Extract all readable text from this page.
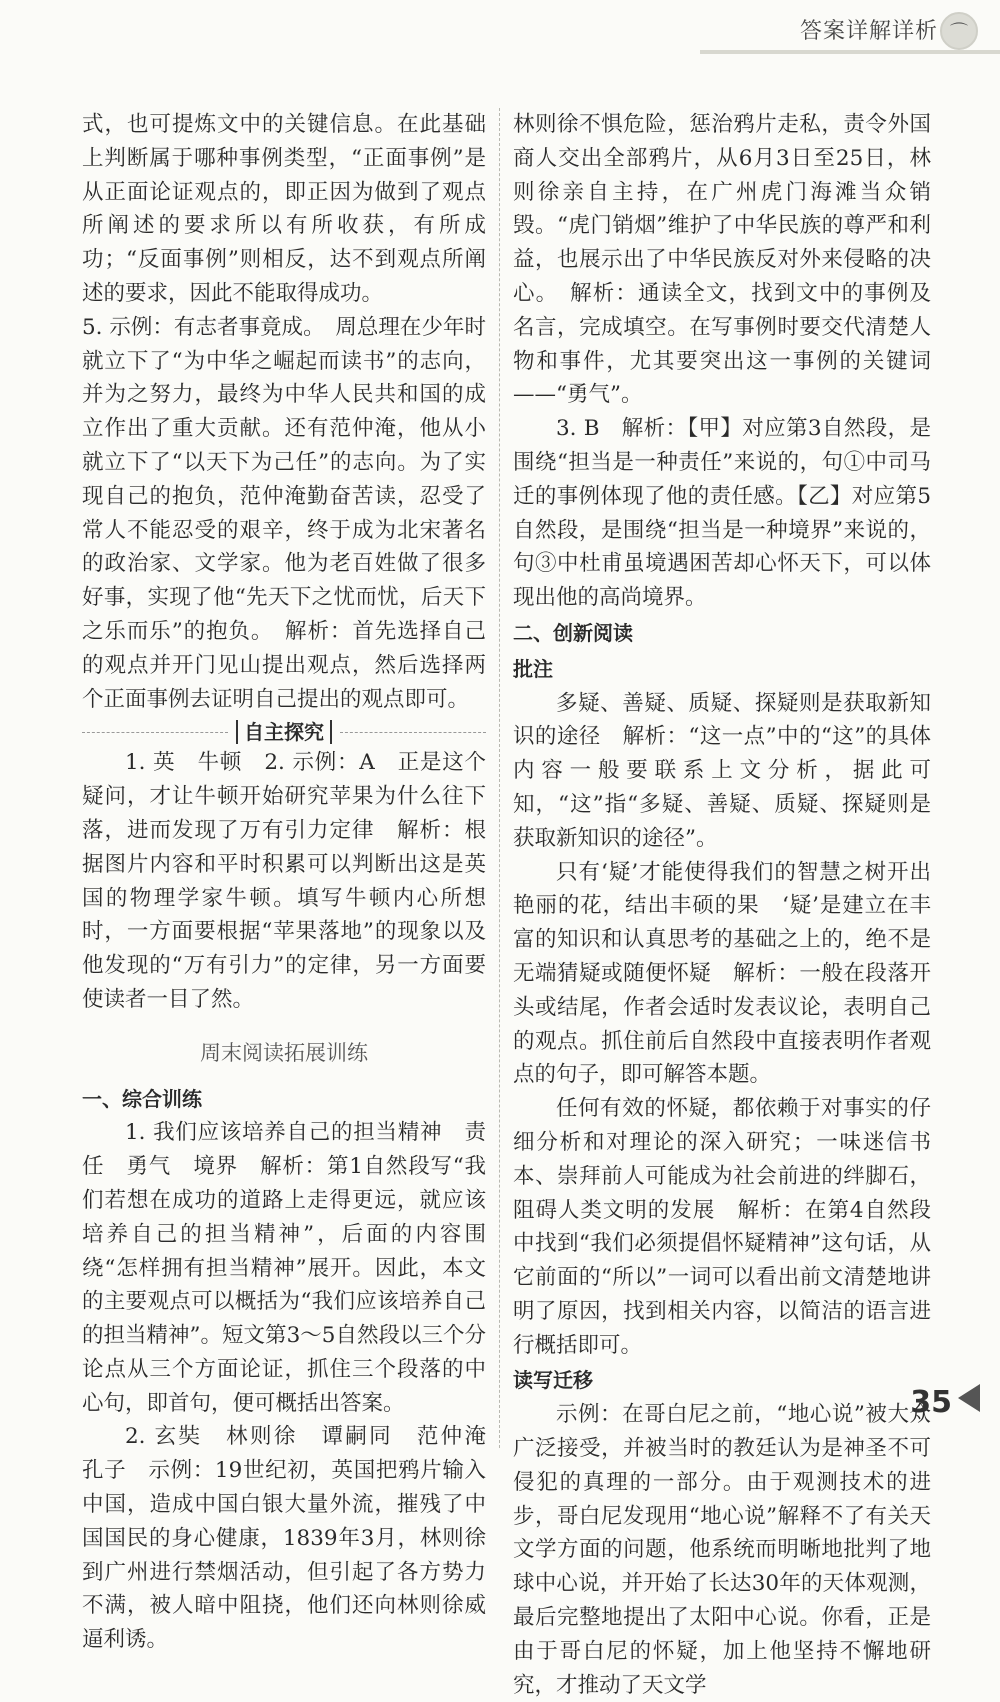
答案详解详析 ⌒

式，也可提炼文中的关键信息。在此基础上判断属于哪种事例类型，“正面事例”是从正面论证观点的，即正因为做到了观点所阐述的要求所以有所收获，有所成功；“反面事例”则相反，达不到观点所阐述的要求，因此不能取得成功。

5. 示例：有志者事竟成。　周总理在少年时就立下了“为中华之崛起而读书”的志向，并为之努力，最终为中华人民共和国的成立作出了重大贡献。还有范仲淹，他从小就立下了“以天下为己任”的志向。为了实现自己的抱负，范仲淹勤奋苦读，忍受了常人不能忍受的艰辛，终于成为北宋著名的政治家、文学家。他为老百姓做了很多好事，实现了他“先天下之忧而忧，后天下之乐而乐”的抱负。　解析：首先选择自己的观点并开门见山提出观点，然后选择两个正面事例去证明自己提出的观点即可。

自主探究

1. 英　牛顿　2. 示例：A　正是这个疑问，才让牛顿开始研究苹果为什么往下落，进而发现了万有引力定律　解析：根据图片内容和平时积累可以判断出这是英国的物理学家牛顿。填写牛顿内心所想时，一方面要根据“苹果落地”的现象以及他发现的“万有引力”的定律，另一方面要使读者一目了然。

周末阅读拓展训练
一、综合训练

1. 我们应该培养自己的担当精神　责任　勇气　境界　解析：第1自然段写“我们若想在成功的道路上走得更远，就应该培养自己的担当精神”，后面的内容围绕“怎样拥有担当精神”展开。因此，本文的主要观点可以概括为“我们应该培养自己的担当精神”。短文第3～5自然段以三个分论点从三个方面论证，抓住三个段落的中心句，即首句，便可概括出答案。

2. 玄奘　林则徐　谭嗣同　范仲淹　孔子　示例：19世纪初，英国把鸦片输入中国，造成中国白银大量外流，摧残了中国国民的身心健康，1839年3月，林则徐到广州进行禁烟活动，但引起了各方势力不满，被人暗中阻挠，他们还向林则徐威逼利诱。

林则徐不惧危险，惩治鸦片走私，责令外国商人交出全部鸦片，从6月3日至25日，林则徐亲自主持，在广州虎门海滩当众销毁。“虎门销烟”维护了中华民族的尊严和利益，也展示出了中华民族反对外来侵略的决心。　解析：通读全文，找到文中的事例及名言，完成填空。在写事例时要交代清楚人物和事件，尤其要突出这一事例的关键词——“勇气”。

3. B　解析：【甲】对应第3自然段，是围绕“担当是一种责任”来说的，句①中司马迁的事例体现了他的责任感。【乙】对应第5自然段，是围绕“担当是一种境界”来说的，句③中杜甫虽境遇困苦却心怀天下，可以体现出他的高尚境界。

二、创新阅读
批注

多疑、善疑、质疑、探疑则是获取新知识的途径　解析：“这一点”中的“这”的具体内容一般要联系上文分析，据此可知，“这”指“多疑、善疑、质疑、探疑则是获取新知识的途径”。

只有‘疑’才能使得我们的智慧之树开出艳丽的花，结出丰硕的果　‘疑’是建立在丰富的知识和认真思考的基础之上的，绝不是无端猜疑或随便怀疑　解析：一般在段落开头或结尾，作者会适时发表议论，表明自己的观点。抓住前后自然段中直接表明作者观点的句子，即可解答本题。

任何有效的怀疑，都依赖于对事实的仔细分析和对理论的深入研究；一味迷信书本、崇拜前人可能成为社会前进的绊脚石，阻碍人类文明的发展　解析：在第4自然段中找到“我们必须提倡怀疑精神”这句话，从它前面的“所以”一词可以看出前文清楚地讲明了原因，找到相关内容，以简洁的语言进行概括即可。

读写迁移

示例：在哥白尼之前，“地心说”被大众广泛接受，并被当时的教廷认为是神圣不可侵犯的真理的一部分。由于观测技术的进步，哥白尼发现用“地心说”解释不了有关天文学方面的问题，他系统而明晰地批判了地球中心说，并开始了长达30年的天体观测，最后完整地提出了太阳中心说。你看，正是由于哥白尼的怀疑，加上他坚持不懈地研究，才推动了天文学

35
